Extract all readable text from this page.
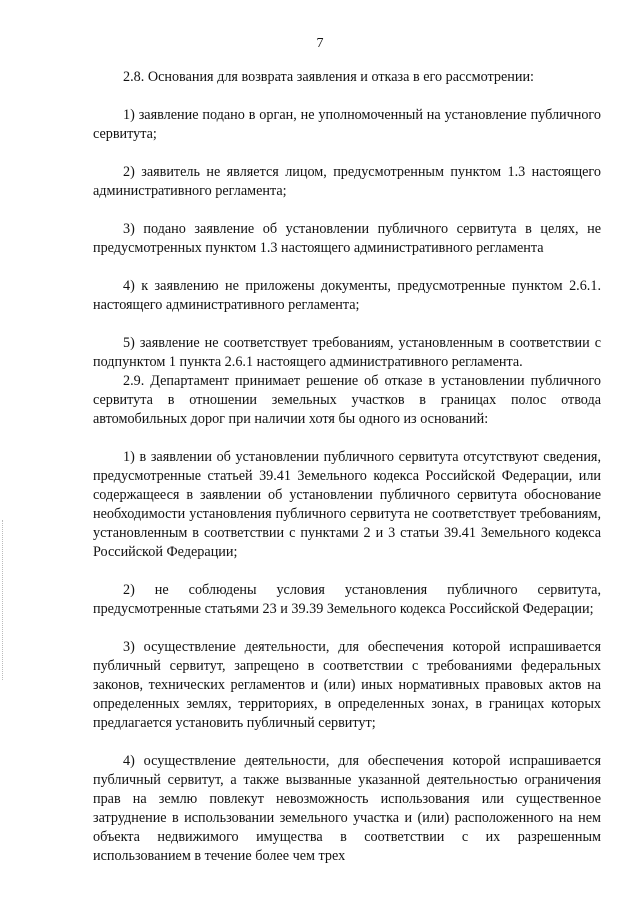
7

2.8. Основания для возврата заявления и отказа в его рассмотрении:

1) заявление подано в орган, не уполномоченный на установление публичного сервитута;

2) заявитель не является лицом, предусмотренным пунктом 1.3 настоящего административного регламента;

3) подано заявление об установлении публичного сервитута в целях, не предусмотренных пунктом 1.3 настоящего административного регламента

4) к заявлению не приложены документы, предусмотренные пунктом 2.6.1. настоящего административного регламента;

5) заявление не соответствует требованиям, установленным в соответствии с подпунктом 1 пункта 2.6.1 настоящего административного регламента.

2.9. Департамент принимает решение об отказе в установлении публичного сервитута в отношении земельных участков в границах полос отвода автомобильных дорог при наличии хотя бы одного из оснований:

1) в заявлении об установлении публичного сервитута отсутствуют сведения, предусмотренные статьей 39.41 Земельного кодекса Российской Федерации, или содержащееся в заявлении об установлении публичного сервитута обоснование необходимости установления публичного сервитута не соответствует требованиям, установленным в соответствии с пунктами 2 и 3 статьи 39.41 Земельного кодекса Российской Федерации;

2) не соблюдены условия установления публичного сервитута, предусмотренные статьями 23 и 39.39 Земельного кодекса Российской Федерации;

3) осуществление деятельности, для обеспечения которой испрашивается публичный сервитут, запрещено в соответствии с требованиями федеральных законов, технических регламентов и (или) иных нормативных правовых актов на определенных землях, территориях, в определенных зонах, в границах которых предлагается установить публичный сервитут;

4) осуществление деятельности, для обеспечения которой испрашивается публичный сервитут, а также вызванные указанной деятельностью ограничения прав на землю повлекут невозможность использования или существенное затруднение в использовании земельного участка и (или) расположенного на нем объекта недвижимого имущества в соответствии с их разрешенным использованием в течение более чем трех
